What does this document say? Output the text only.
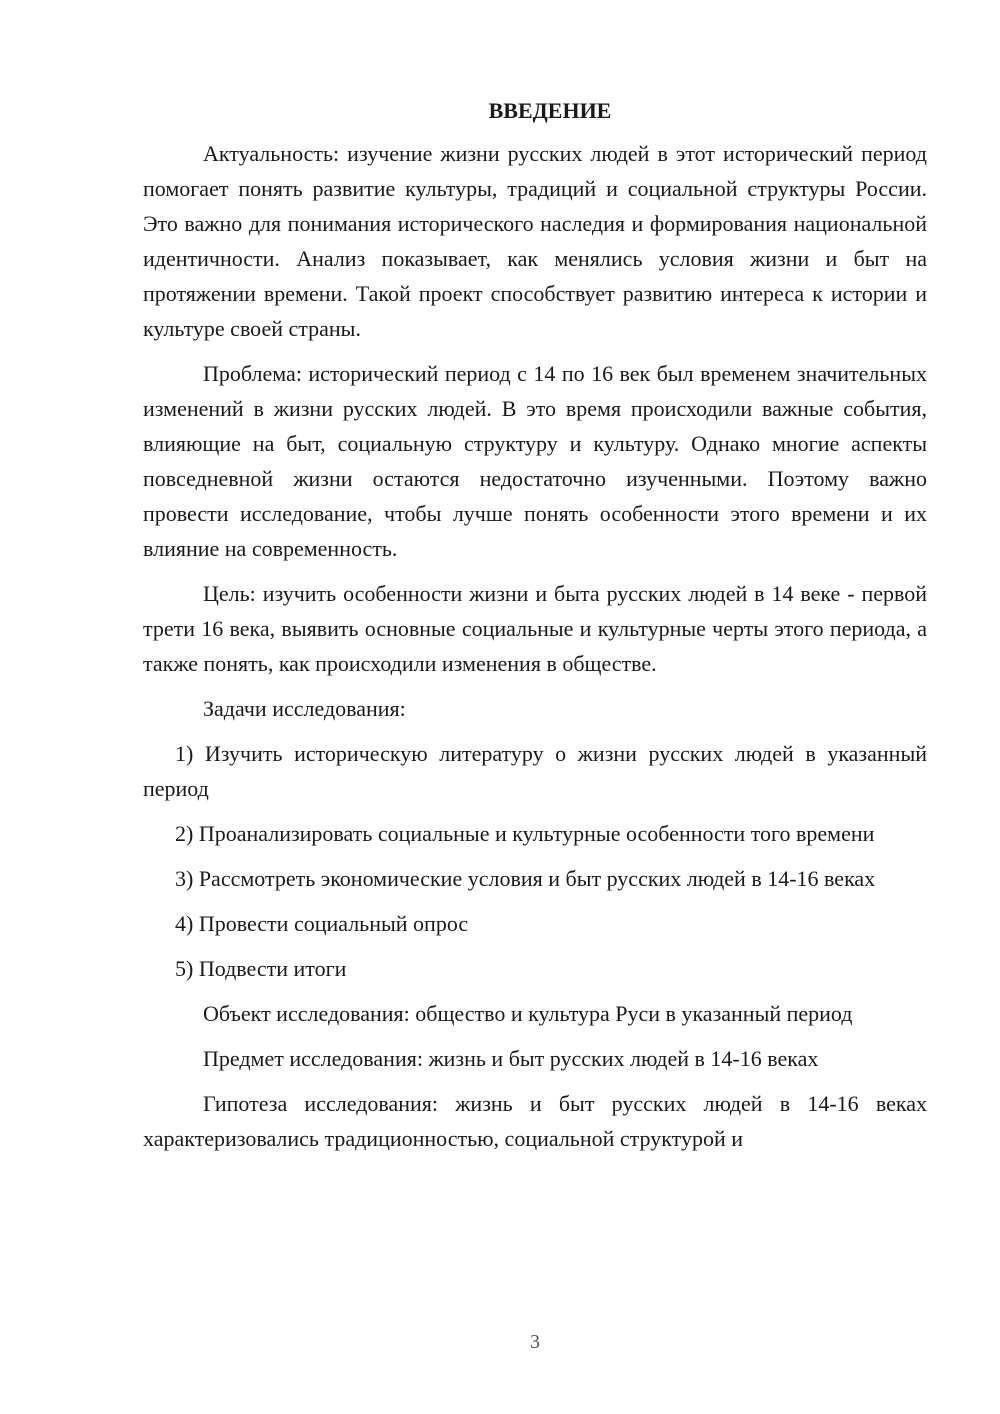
ВВЕДЕНИЕ

Актуальность: изучение жизни русских людей в этот исторический период помогает понять развитие культуры, традиций и социальной структуры России. Это важно для понимания исторического наследия и формирования национальной идентичности. Анализ показывает, как менялись условия жизни и быт на протяжении времени. Такой проект способствует развитию интереса к истории и культуре своей страны.

Проблема: исторический период с 14 по 16 век был временем значительных изменений в жизни русских людей. В это время происходили важные события, влияющие на быт, социальную структуру и культуру. Однако многие аспекты повседневной жизни остаются недостаточно изученными. Поэтому важно провести исследование, чтобы лучше понять особенности этого времени и их влияние на современность.

Цель: изучить особенности жизни и быта русских людей в 14 веке - первой трети 16 века, выявить основные социальные и культурные черты этого периода, а также понять, как происходили изменения в обществе.

Задачи исследования:

1) Изучить историческую литературу о жизни русских людей в указанный период

2) Проанализировать социальные и культурные особенности того времени

3) Рассмотреть экономические условия и быт русских людей в 14-16 веках

4) Провести социальный опрос

5) Подвести итоги

Объект исследования: общество и культура Руси в указанный период

Предмет исследования: жизнь и быт русских людей в 14-16 веках

Гипотеза исследования: жизнь и быт русских людей в 14-16 веках характеризовались традиционностью, социальной структурой и

3
